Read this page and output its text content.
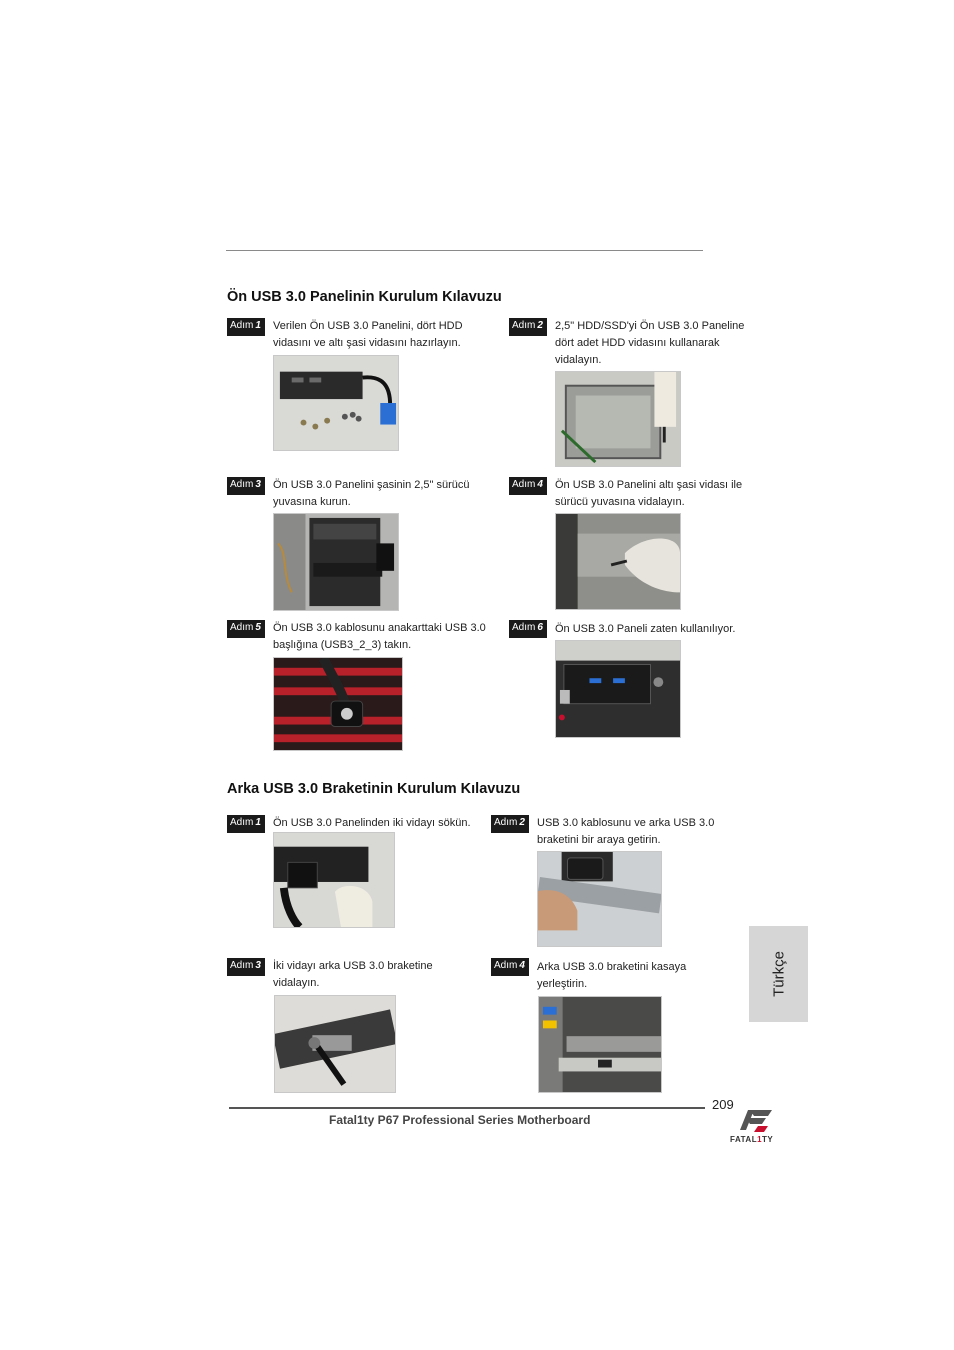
Ön USB 3.0 Panelinin Kurulum Kılavuzu
Adım 1	Verilen Ön USB 3.0 Panelini, dört HDD vidasını ve altı şasi vidasını hazırlayın.
Adım 2	2,5" HDD/SSD'yi Ön USB 3.0 Paneline dört adet HDD vidasını kullanarak vidalayın.
Adım 3	Ön USB 3.0 Panelini şasinin 2,5" sürücü yuvasına kurun.
Adım 4	Ön USB 3.0 Panelini altı şasi vidası ile sürücü yuvasına vidalayın.
Adım 5	Ön USB 3.0 kablosunu anakarttaki USB 3.0 başlığına (USB3_2_3) takın.
Adım 6	Ön USB 3.0 Paneli zaten kullanılıyor.
Arka USB 3.0 Braketinin Kurulum Kılavuzu
Adım 1	Ön USB 3.0 Panelinden iki vidayı sökün.	Adım 2	USB 3.0 kablosunu ve arka USB 3.0 braketini bir araya getirin.
Adım 3	İki vidayı arka USB 3.0 braketine vidalayın.
Adım 4	Arka USB 3.0 braketini kasaya yerleştirin.	Türkçe
209
Fatal1ty P67 Professional Series Motherboard
FATAL1TY
